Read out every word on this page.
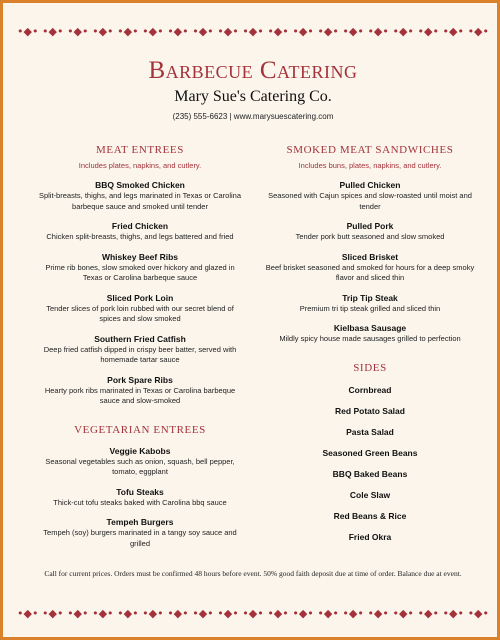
•◆• •◆• •◆• •◆• •◆• •◆• •◆• •◆• •◆• •◆• •◆• •◆• •◆• •◆• •◆• •◆• •◆• •◆• •◆•
Barbecue Catering
Mary Sue's Catering Co.
(235) 555-6623 | www.marysuescatering.com
MEAT ENTREES
Includes plates, napkins, and cutlery.
BBQ Smoked Chicken
Split-breasts, thighs, and legs marinated in Texas or Carolina barbeque sauce and smoked until tender
Fried Chicken
Chicken split-breasts, thighs, and legs battered and fried
Whiskey Beef Ribs
Prime rib bones, slow smoked over hickory and glazed in Texas or Carolina barbeque sauce
Sliced Pork Loin
Tender slices of pork loin rubbed with our secret blend of spices and slow smoked
Southern Fried Catfish
Deep fried catfish dipped in crispy beer batter, served with homemade tartar sauce
Pork Spare Ribs
Hearty pork ribs marinated in Texas or Carolina barbeque sauce and slow-smoked
VEGETARIAN ENTREES
Veggie Kabobs
Seasonal vegetables such as onion, squash, bell pepper, tomato, eggplant
Tofu Steaks
Thick-cut tofu steaks baked with Carolina bbq sauce
Tempeh Burgers
Tempeh (soy) burgers marinated in a tangy soy sauce and grilled
SMOKED MEAT SANDWICHES
Includes buns, plates, napkins, and cutlery.
Pulled Chicken
Seasoned with Cajun spices and slow-roasted until moist and tender
Pulled Pork
Tender pork butt seasoned and slow smoked
Sliced Brisket
Beef brisket seasoned and smoked for hours for a deep smoky flavor and sliced thin
Trip Tip Steak
Premium tri tip steak grilled and sliced thin
Kielbasa Sausage
Mildly spicy house made sausages grilled to perfection
SIDES
Cornbread
Red Potato Salad
Pasta Salad
Seasoned Green Beans
BBQ Baked Beans
Cole Slaw
Red Beans & Rice
Fried Okra
Call for current prices. Orders must be confirmed 48 hours before event. 50% good faith deposit due at time of order. Balance due at event.
•◆• •◆• •◆• •◆• •◆• •◆• •◆• •◆• •◆• •◆• •◆• •◆• •◆• •◆• •◆• •◆• •◆• •◆• •◆•
